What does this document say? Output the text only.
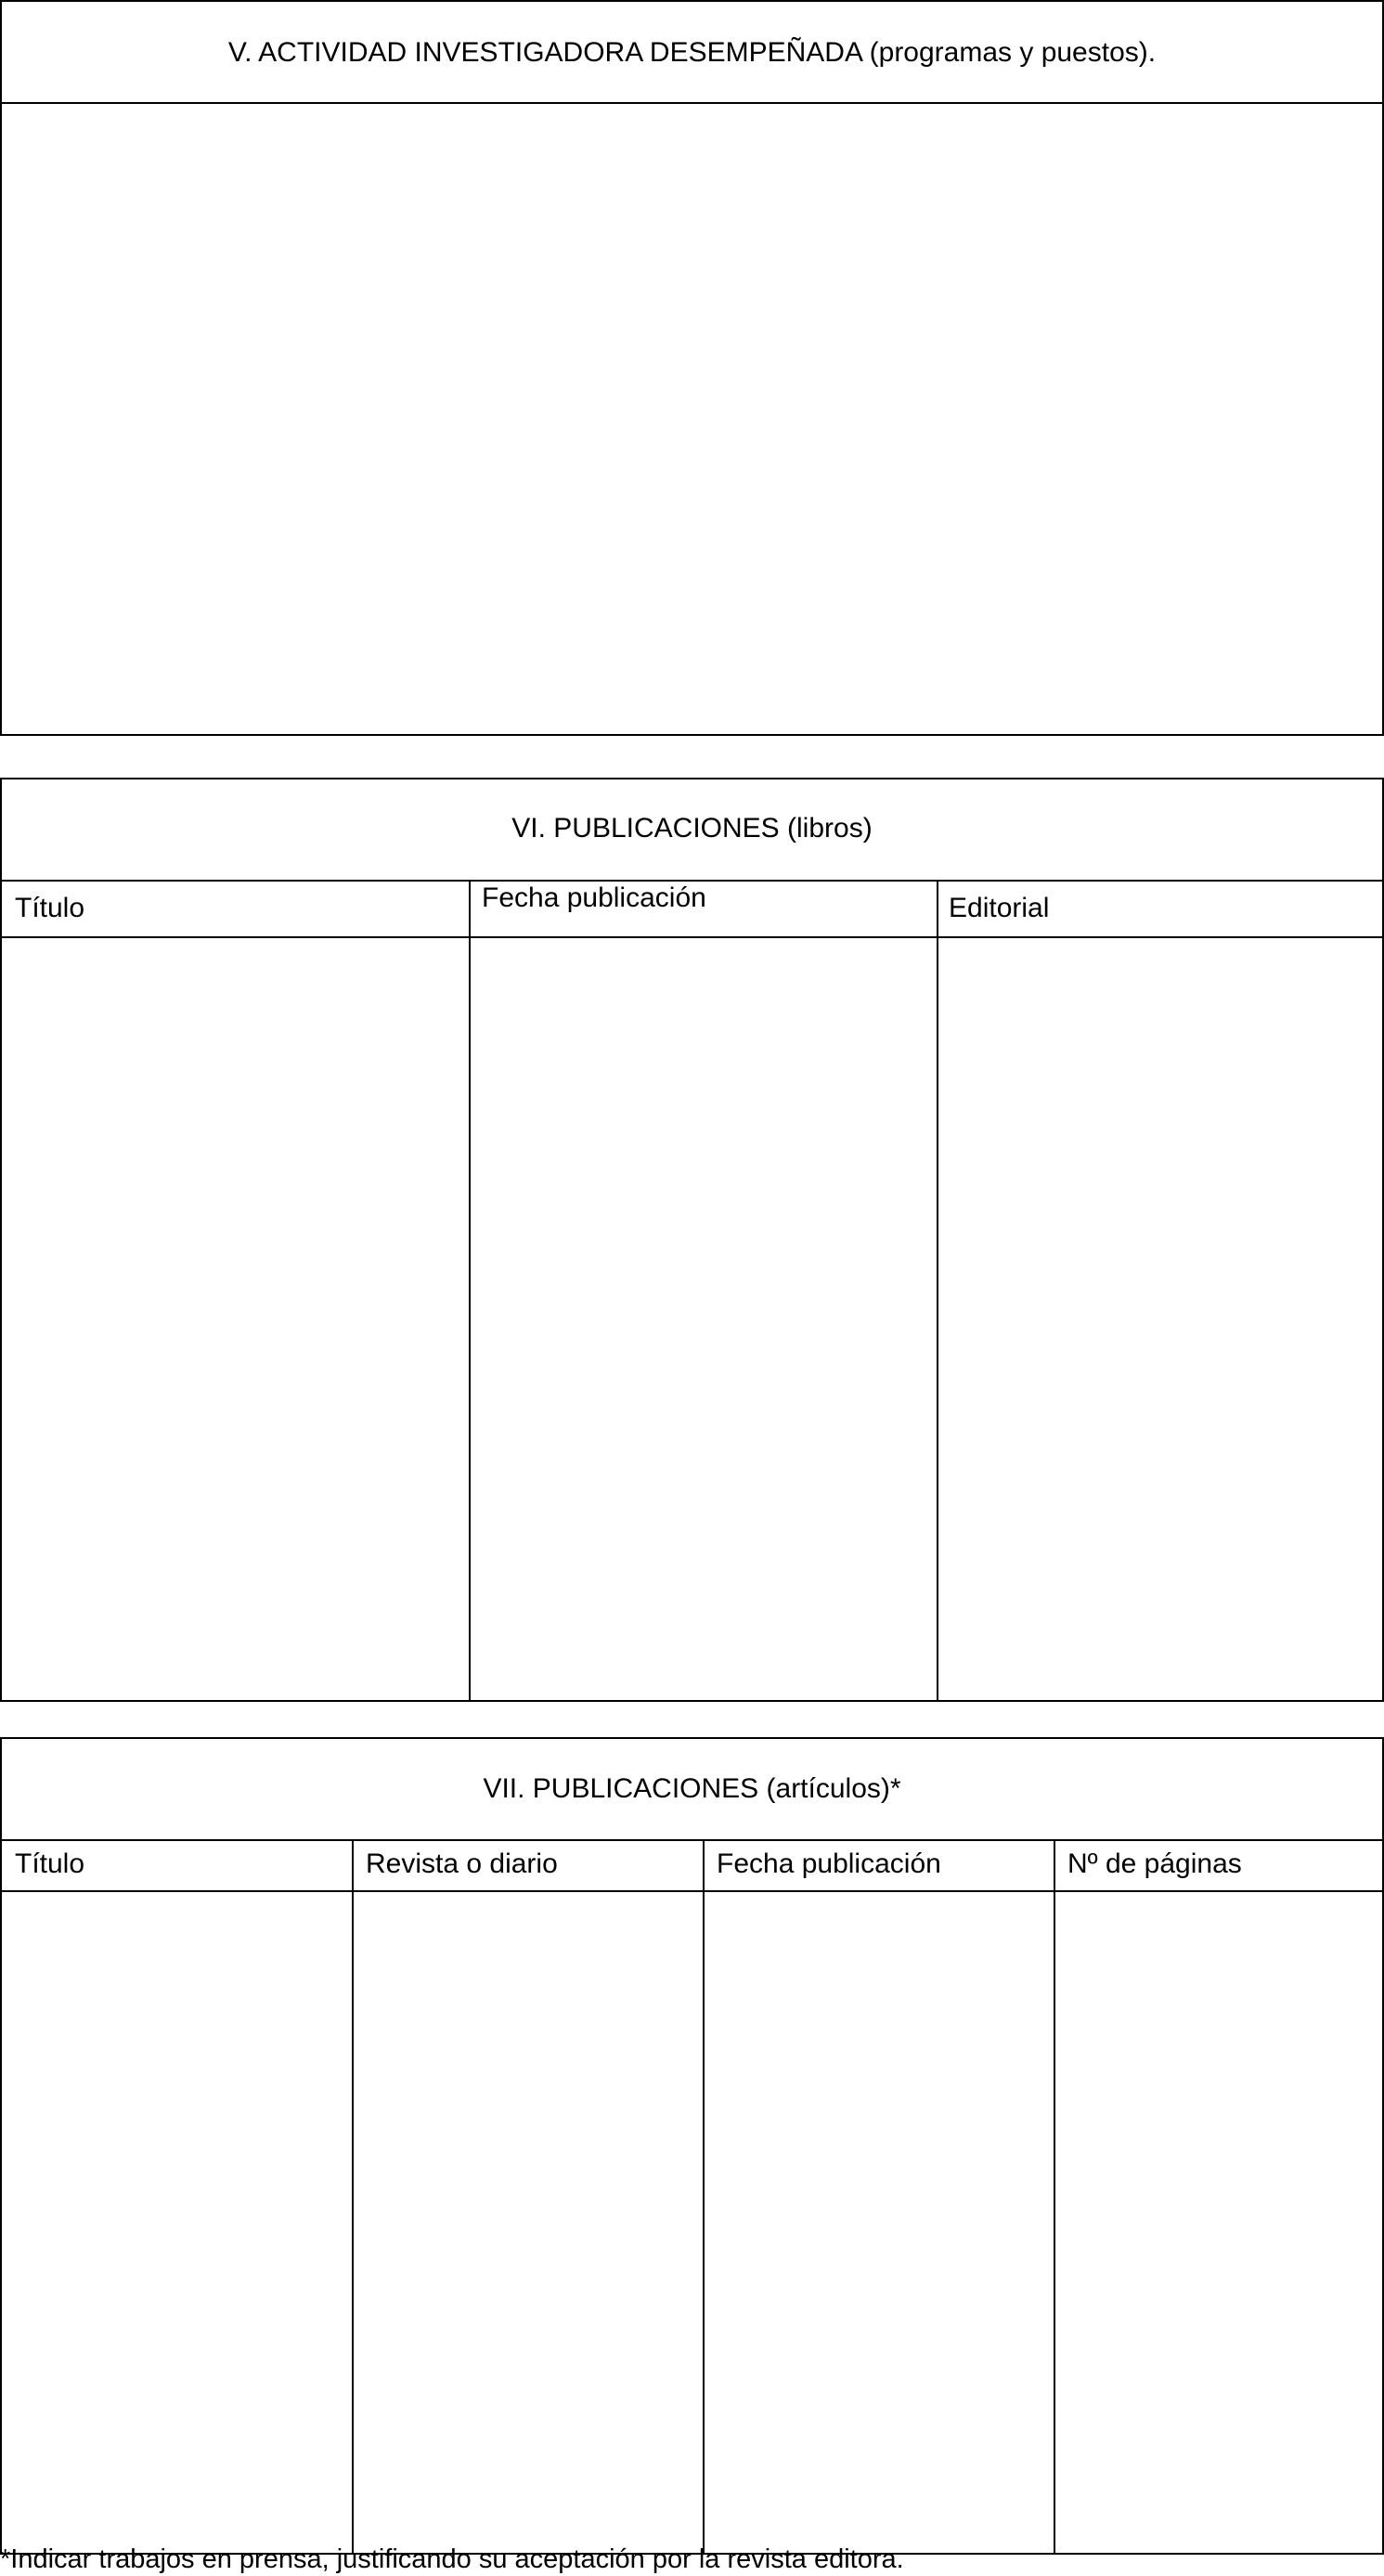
V. ACTIVIDAD INVESTIGADORA DESEMPEÑADA (programas y puestos).
VI. PUBLICACIONES (libros)
Título	Fecha publicación	Editorial
VII. PUBLICACIONES (artículos)*
Título	Revista o diario	Fecha publicación	Nº de páginas
*Indicar trabajos en prensa, justificando su aceptación por la revista editora.
